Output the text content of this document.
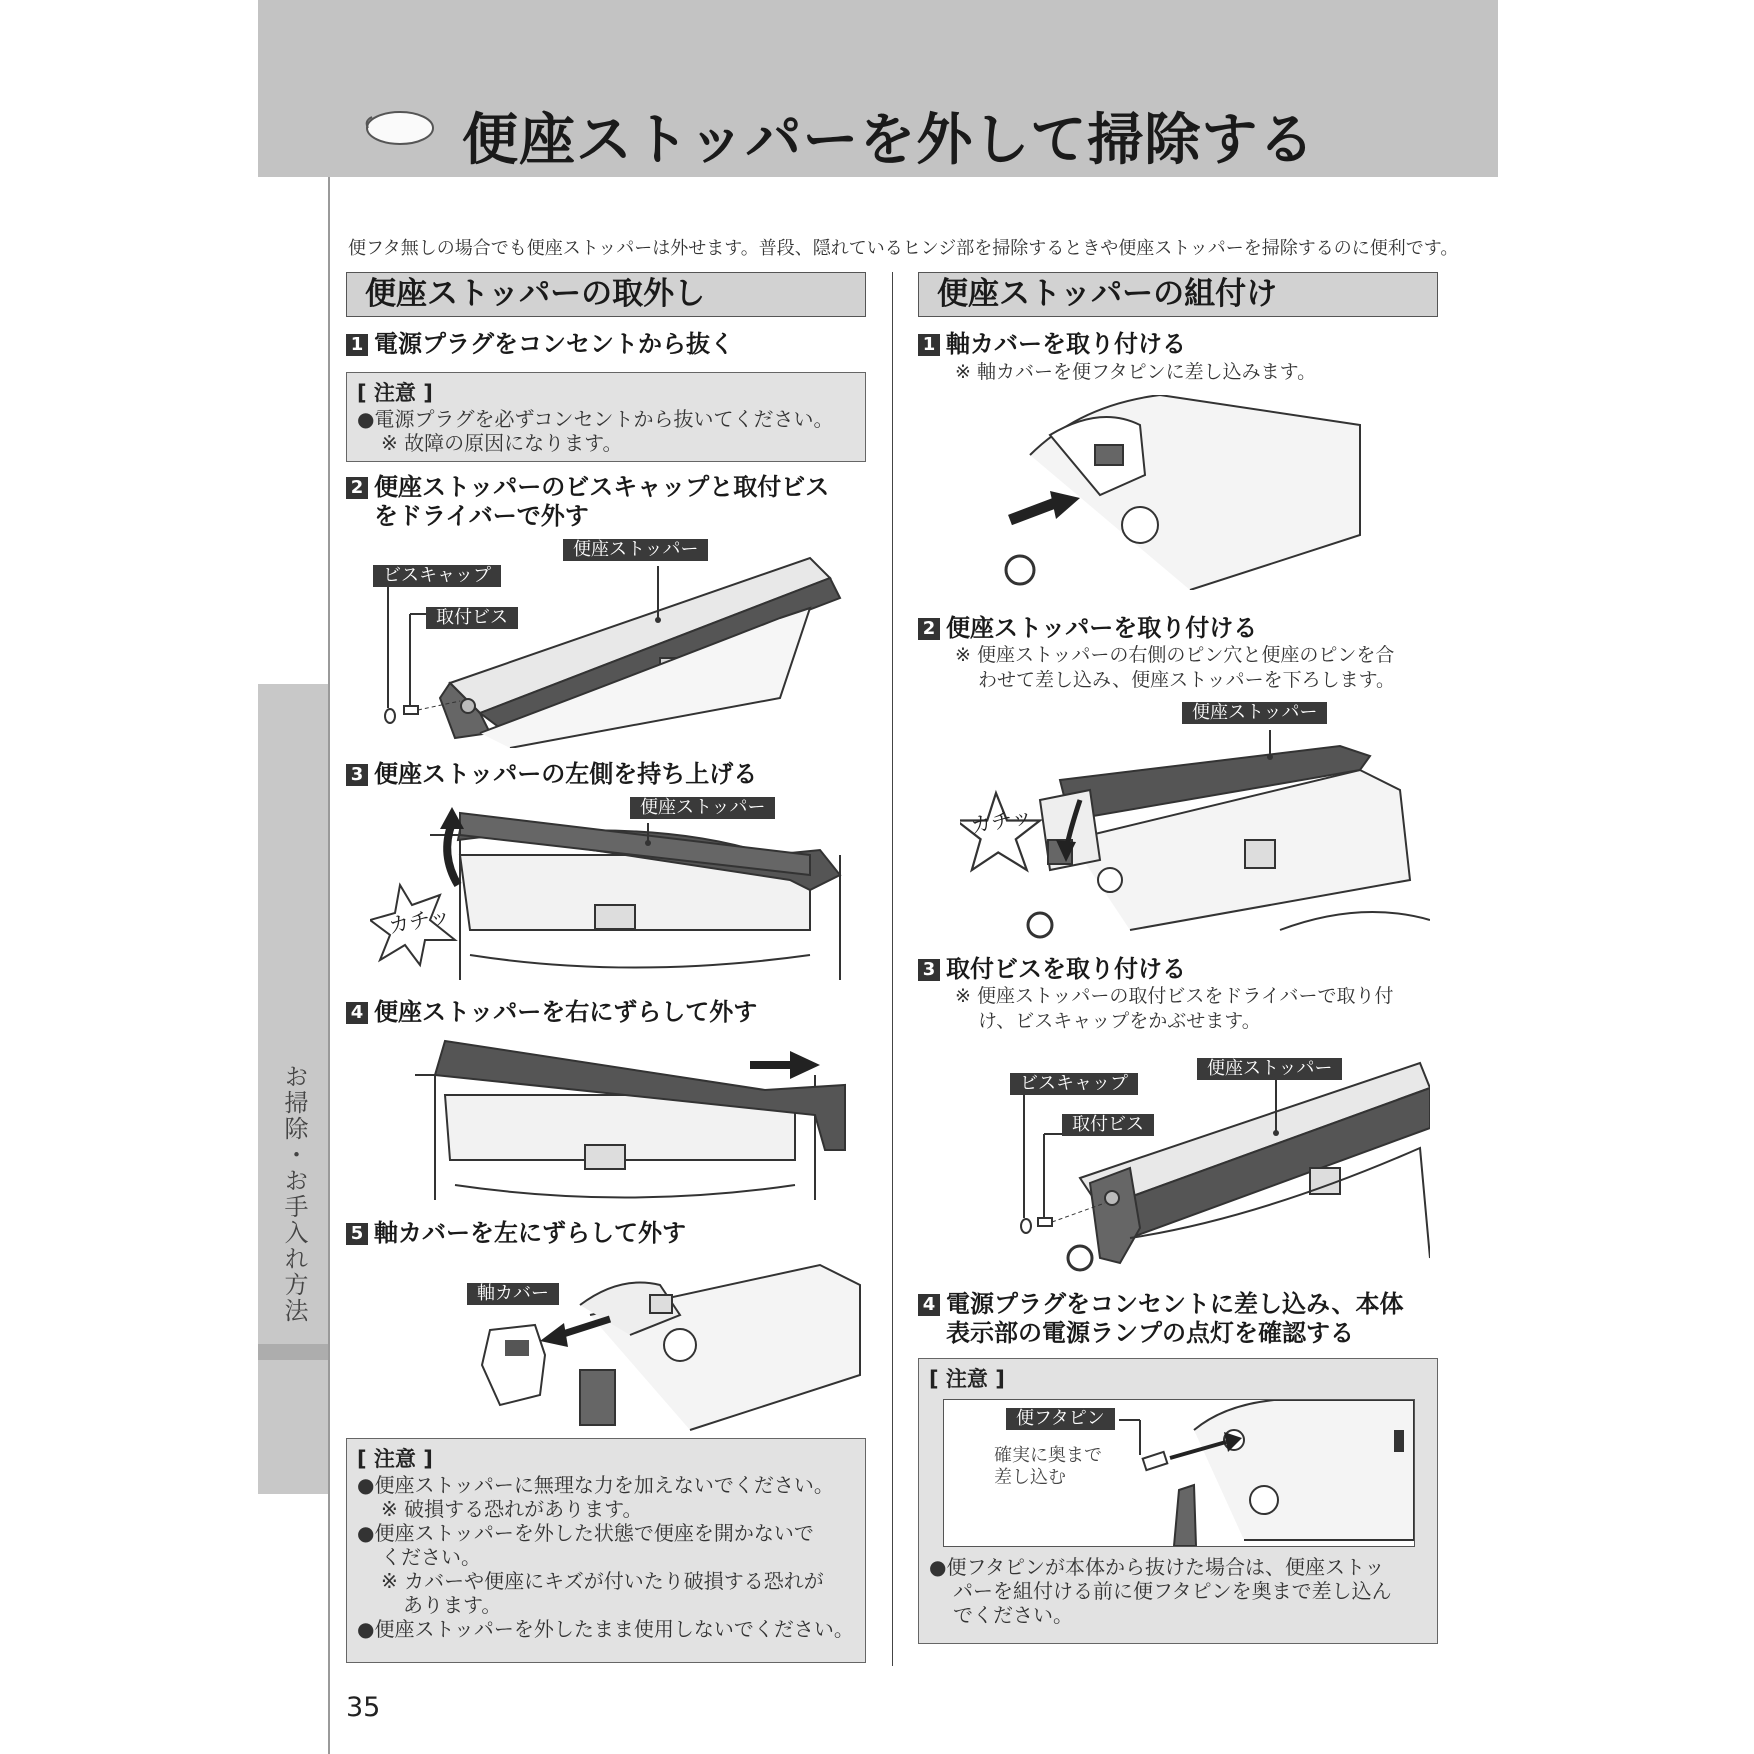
便座ストッパーを外して掃除する
お掃除・お手入れ方法
便フタ無しの場合でも便座ストッパーは外せます。普段、隠れているヒンジ部を掃除するときや便座ストッパーを掃除するのに便利です。
便座ストッパーの取外し
1 電源プラグをコンセントから抜く
[ 注意 ]
●電源プラグを必ずコンセントから抜いてください。
※ 故障の原因になります。
2 便座ストッパーのビスキャップと取付ビス
をドライバーで外す
便座ストッパー
ビスキャップ
取付ビス
3 便座ストッパーの左側を持ち上げる
便座ストッパー
カチッ
4 便座ストッパーを右にずらして外す
5 軸カバーを左にずらして外す
軸カバー
[ 注意 ]
●便座ストッパーに無理な力を加えないでください。
※ 破損する恐れがあります。
●便座ストッパーを外した状態で便座を開かないで
ください。
※ カバーや便座にキズが付いたり破損する恐れが
あります。
●便座ストッパーを外したまま使用しないでください。
便座ストッパーの組付け
1 軸カバーを取り付ける
※ 軸カバーを便フタピンに差し込みます。
2 便座ストッパーを取り付ける
※ 便座ストッパーの右側のピン穴と便座のピンを合
わせて差し込み、便座ストッパーを下ろします。
便座ストッパー
カチッ
3 取付ビスを取り付ける
※ 便座ストッパーの取付ビスをドライバーで取り付
け、ビスキャップをかぶせます。
便座ストッパー
ビスキャップ
取付ビス
4 電源プラグをコンセントに差し込み、本体
表示部の電源ランプの点灯を確認する
[ 注意 ]
便フタピン
確実に奥まで
差し込む
●便フタピンが本体から抜けた場合は、便座ストッ
パーを組付ける前に便フタピンを奥まで差し込ん
でください。
35
